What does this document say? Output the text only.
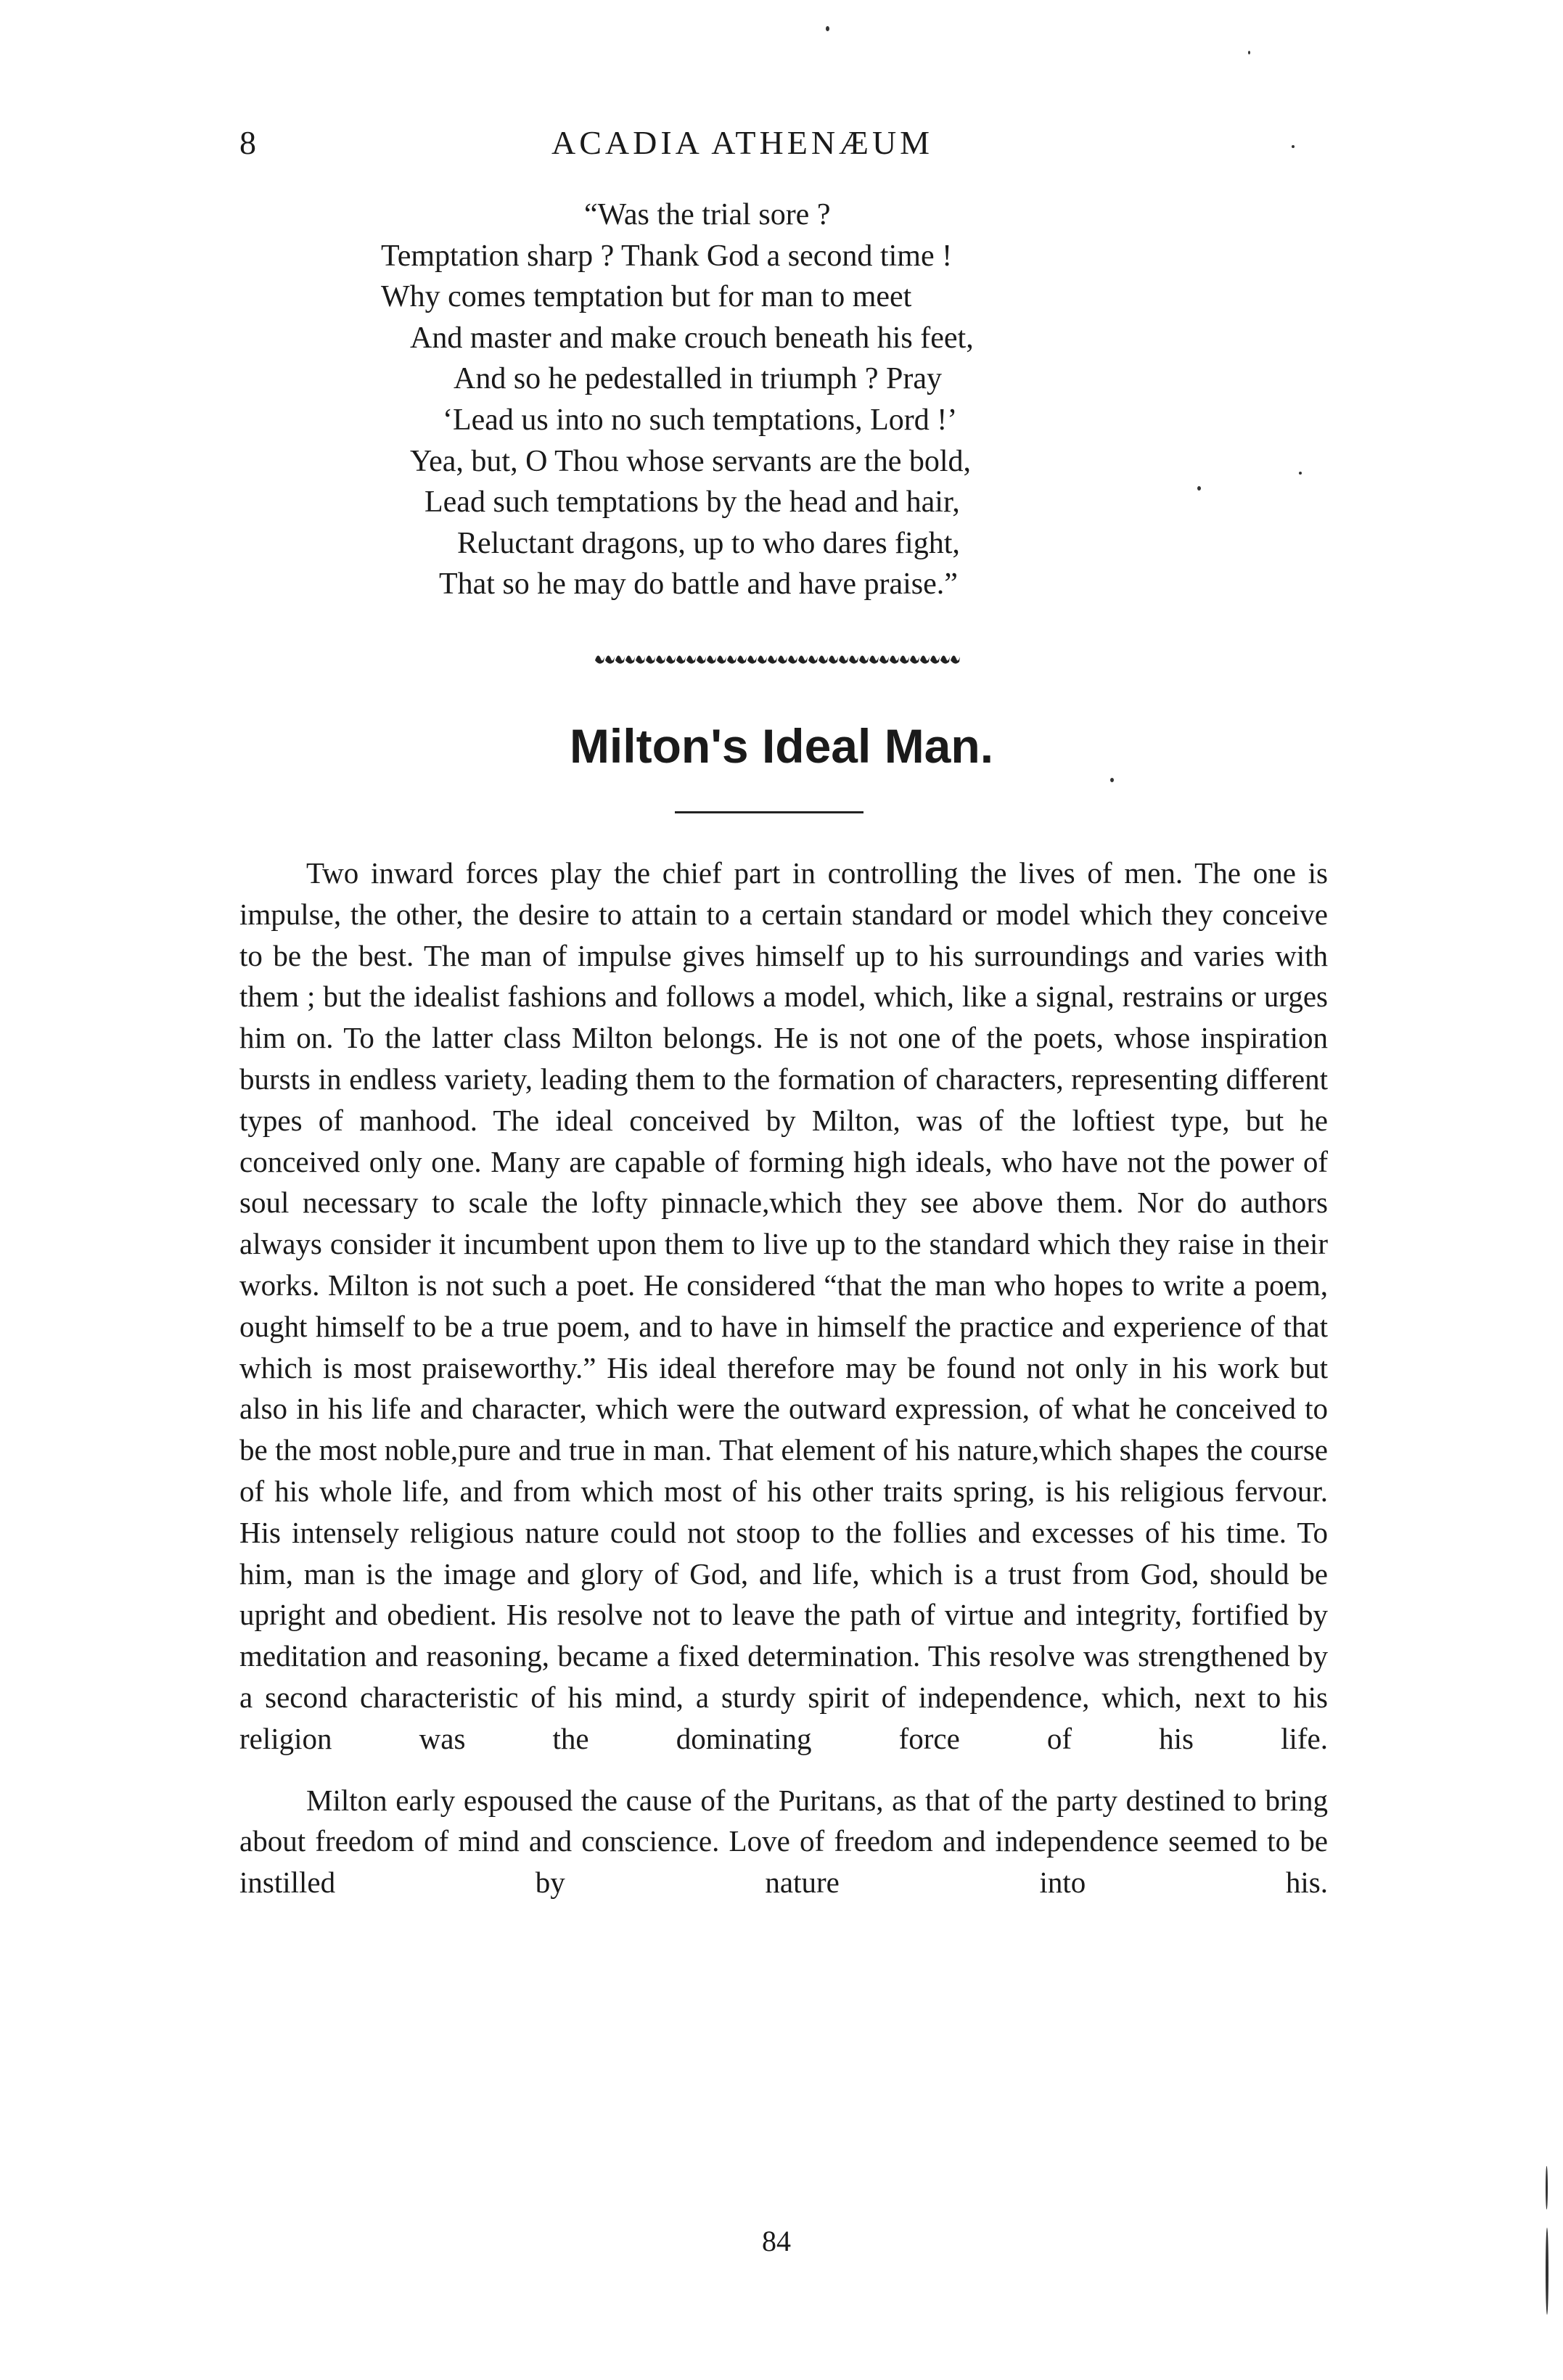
8	ACADIA ATHENÆUM
“Was the trial sore ?
Temptation sharp ? Thank God a second time !
Why comes temptation but for man to meet
And master and make crouch beneath his feet,
And so he pedestalled in triumph ? Pray
‘Lead us into no such temptations, Lord !’
Yea, but, O Thou whose servants are the bold,
Lead such temptations by the head and hair,
Reluctant dragons, up to who dares fight,
That so he may do battle and have praise.”
Milton's Ideal Man.

Two inward forces play the chief part in controlling the lives of men. The one is impulse, the other, the desire to attain to a certain standard or model which they conceive to be the best. The man of impulse gives himself up to his surroundings and varies with them ; but the idealist fashions and follows a model, which, like a signal, restrains or urges him on. To the latter class Milton belongs. He is not one of the poets, whose inspiration bursts in endless variety, leading them to the formation of characters, representing different types of manhood. The ideal conceived by Milton, was of the loftiest type, but he conceived only one. Many are capable of forming high ideals, who have not the power of soul necessary to scale the lofty pinnacle,which they see above them. Nor do authors always consider it incumbent upon them to live up to the standard which they raise in their works. Milton is not such a poet. He considered “that the man who hopes to write a poem, ought himself to be a true poem, and to have in himself the practice and experience of that which is most praiseworthy.” His ideal therefore may be found not only in his work but also in his life and character, which were the outward expression, of what he conceived to be the most noble,pure and true in man. That element of his nature,which shapes the course of his whole life, and from which most of his other traits spring, is his religious fervour. His intensely religious nature could not stoop to the follies and excesses of his time. To him, man is the image and glory of God, and life, which is a trust from God, should be upright and obedient. His resolve not to leave the path of virtue and integrity, fortified by meditation and reasoning, became a fixed determination. This resolve was strengthened by a second characteristic of his mind, a sturdy spirit of independence, which, next to his religion was the dominating force of his life.

Milton early espoused the cause of the Puritans, as that of the party destined to bring about freedom of mind and conscience. Love of freedom and independence seemed to be instilled by nature into his.

84
